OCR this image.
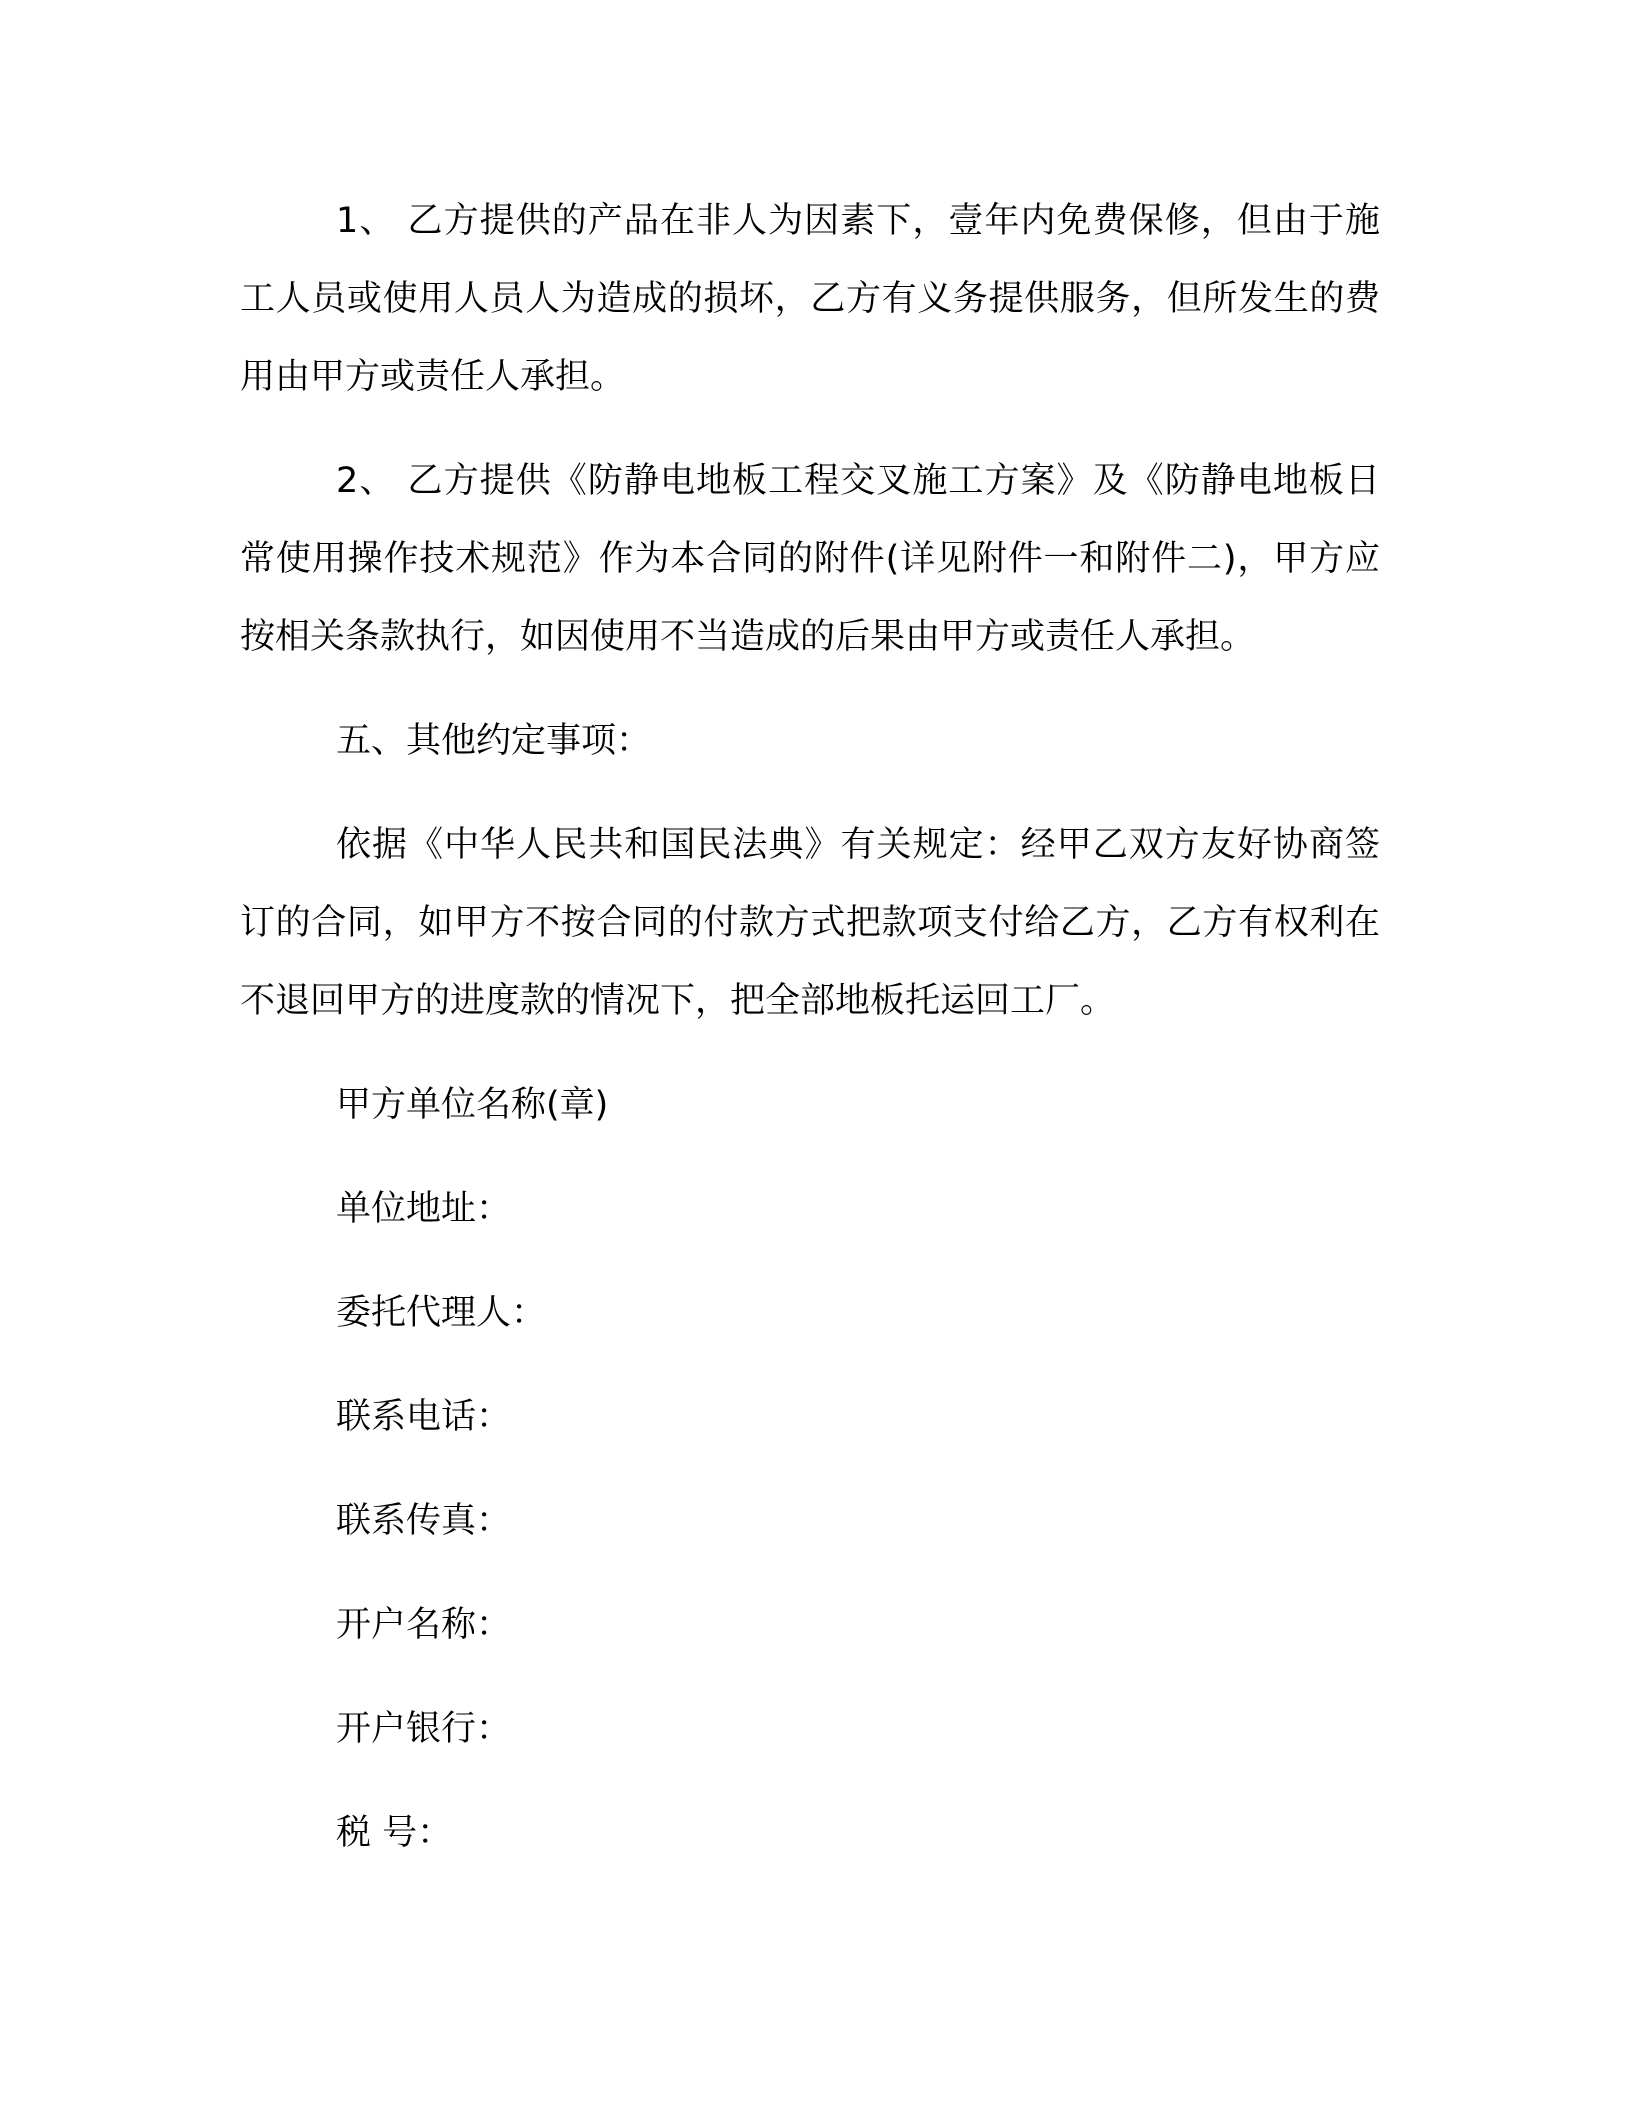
1、 乙方提供的产品在非人为因素下，壹年内免费保修，但由于施工人员或使用人员人为造成的损坏，乙方有义务提供服务，但所发生的费用由甲方或责任人承担。

2、 乙方提供《防静电地板工程交叉施工方案》及《防静电地板日常使用操作技术规范》作为本合同的附件(详见附件一和附件二)，甲方应按相关条款执行，如因使用不当造成的后果由甲方或责任人承担。

五、其他约定事项：

依据《中华人民共和国民法典》有关规定：经甲乙双方友好协商签订的合同，如甲方不按合同的付款方式把款项支付给乙方，乙方有权利在不退回甲方的进度款的情况下，把全部地板托运回工厂。

甲方单位名称(章)
单位地址：
委托代理人：
联系电话：
联系传真：
开户名称：
开户银行：
税 号：
